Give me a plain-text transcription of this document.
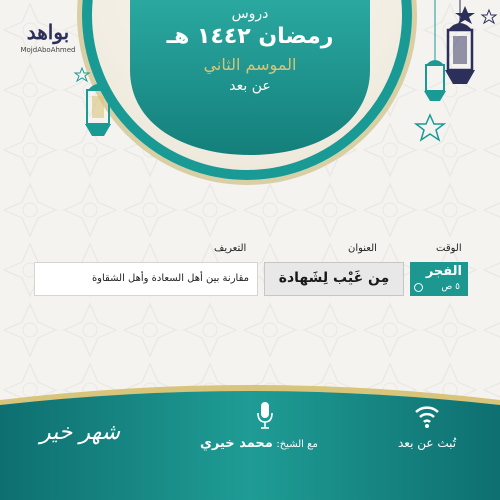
دروس
رمضان ١٤٤٢ هـ
الموسم الثاني
عن بعد
بواهد
MojdAboAhmed
الوقت
العنوان
التعريف
مقارنة بين أهل السعادة وأهل الشقاوة	مِن غَيْب لِشَهادة	الفجر
٥ ص
تُبث عن بعد
مع الشيخ: محمد خيري
شهر خير
